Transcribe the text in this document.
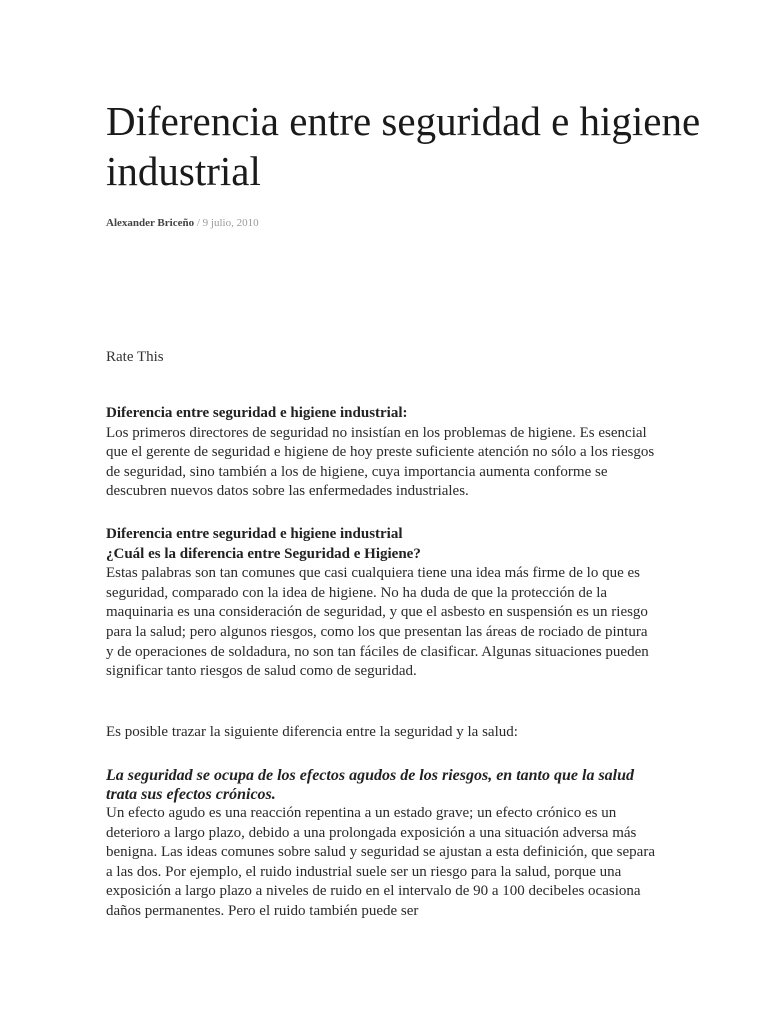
Diferencia entre seguridad e higiene industrial
Alexander Briceño / 9 julio, 2010
Rate This

Diferencia entre seguridad e higiene industrial:

Los primeros directores de seguridad no insistían en los problemas de higiene. Es esencial que el gerente de seguridad e higiene de hoy preste suficiente atención no sólo a los riesgos de seguridad, sino también a los de higiene, cuya importancia aumenta conforme se descubren nuevos datos sobre las enfermedades industriales.

Diferencia entre seguridad e higiene industrial

¿Cuál es la diferencia entre Seguridad e Higiene?

Estas palabras son tan comunes que casi cualquiera tiene una idea más firme de lo que es seguridad, comparado con la idea de higiene. No ha duda de que la protección de la maquinaria es una consideración de seguridad, y que el asbesto en suspensión es un riesgo para la salud; pero algunos riesgos, como los que presentan las áreas de rociado de pintura y de operaciones de soldadura, no son tan fáciles de clasificar. Algunas situaciones pueden significar tanto riesgos de salud como de seguridad.

Es posible trazar la siguiente diferencia entre la seguridad y la salud:

La seguridad se ocupa de los efectos agudos de los riesgos, en tanto que la salud trata sus efectos crónicos.

Un efecto agudo es una reacción repentina a un estado grave; un efecto crónico es un deterioro a largo plazo, debido a una prolongada exposición a una situación adversa más benigna. Las ideas comunes sobre salud y seguridad se ajustan a esta definición, que separa a las dos. Por ejemplo, el ruido industrial suele ser un riesgo para la salud, porque una exposición a largo plazo a niveles de ruido en el intervalo de 90 a 100 decibeles ocasiona daños permanentes. Pero el ruido también puede ser
